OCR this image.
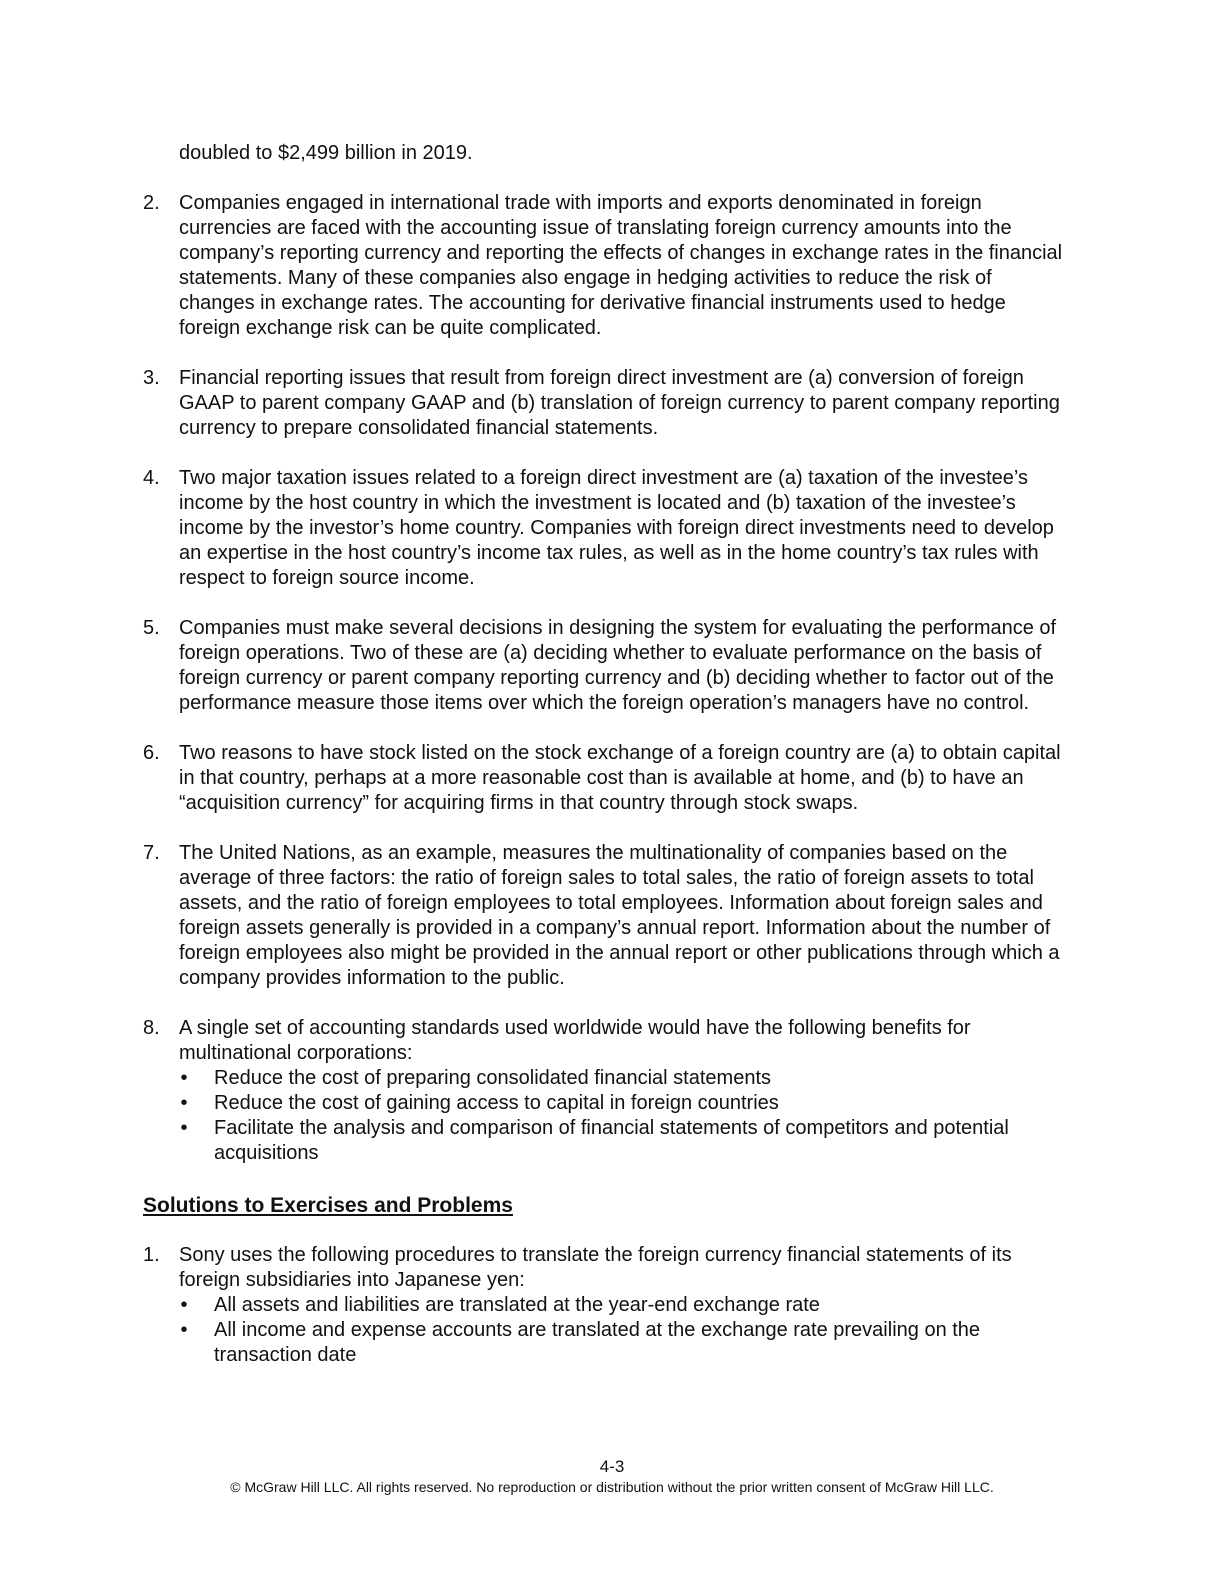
doubled to $2,499 billion in 2019.
2. Companies engaged in international trade with imports and exports denominated in foreign currencies are faced with the accounting issue of translating foreign currency amounts into the company’s reporting currency and reporting the effects of changes in exchange rates in the financial statements. Many of these companies also engage in hedging activities to reduce the risk of changes in exchange rates. The accounting for derivative financial instruments used to hedge foreign exchange risk can be quite complicated.
3. Financial reporting issues that result from foreign direct investment are (a) conversion of foreign GAAP to parent company GAAP and (b) translation of foreign currency to parent company reporting currency to prepare consolidated financial statements.
4. Two major taxation issues related to a foreign direct investment are (a) taxation of the investee’s income by the host country in which the investment is located and (b) taxation of the investee’s income by the investor’s home country. Companies with foreign direct investments need to develop an expertise in the host country’s income tax rules, as well as in the home country’s tax rules with respect to foreign source income.
5. Companies must make several decisions in designing the system for evaluating the performance of foreign operations. Two of these are (a) deciding whether to evaluate performance on the basis of foreign currency or parent company reporting currency and (b) deciding whether to factor out of the performance measure those items over which the foreign operation’s managers have no control.
6. Two reasons to have stock listed on the stock exchange of a foreign country are (a) to obtain capital in that country, perhaps at a more reasonable cost than is available at home, and (b) to have an “acquisition currency” for acquiring firms in that country through stock swaps.
7. The United Nations, as an example, measures the multinationality of companies based on the average of three factors: the ratio of foreign sales to total sales, the ratio of foreign assets to total assets, and the ratio of foreign employees to total employees. Information about foreign sales and foreign assets generally is provided in a company’s annual report. Information about the number of foreign employees also might be provided in the annual report or other publications through which a company provides information to the public.
8. A single set of accounting standards used worldwide would have the following benefits for multinational corporations:
• Reduce the cost of preparing consolidated financial statements
• Reduce the cost of gaining access to capital in foreign countries
• Facilitate the analysis and comparison of financial statements of competitors and potential acquisitions
Solutions to Exercises and Problems
1. Sony uses the following procedures to translate the foreign currency financial statements of its foreign subsidiaries into Japanese yen:
• All assets and liabilities are translated at the year-end exchange rate
• All income and expense accounts are translated at the exchange rate prevailing on the transaction date
4-3
© McGraw Hill LLC. All rights reserved. No reproduction or distribution without the prior written consent of McGraw Hill LLC.
